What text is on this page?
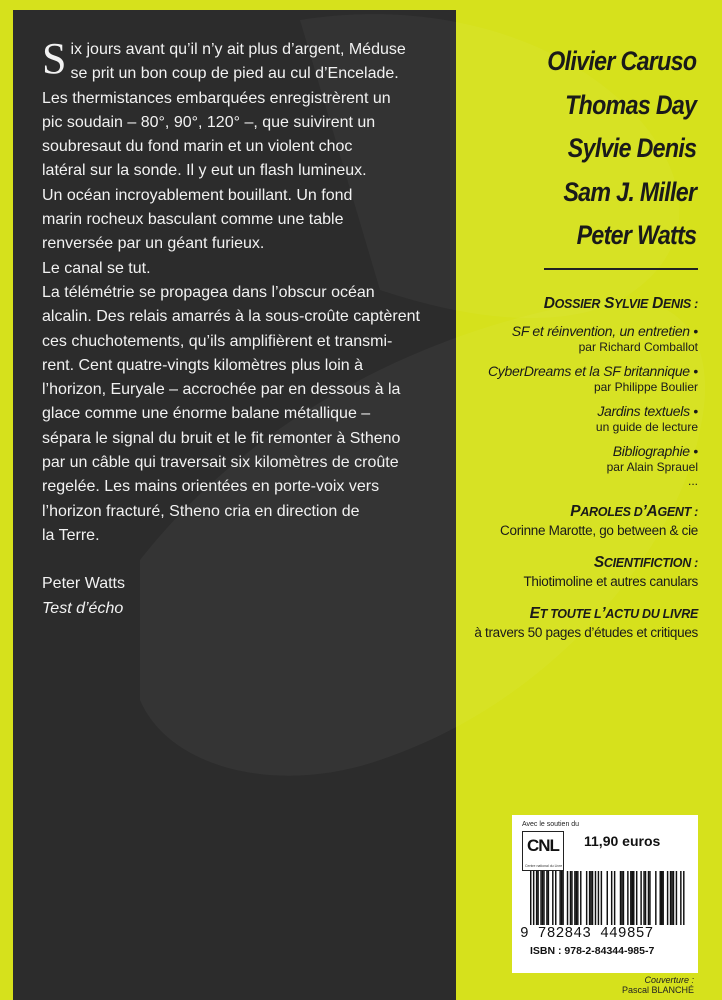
S ix jours avant qu’il n’y ait plus d’argent, Méduse

se prit un bon coup de pied au cul d’Encelade.

Les thermistances embarquées enregistrèrent un

pic soudain – 80°, 90°, 120° –, que suivirent un

soubresaut du fond marin et un violent choc

latéral sur la sonde. Il y eut un flash lumineux.

Un océan incroyablement bouillant. Un fond

marin rocheux basculant comme une table

renversée par un géant furieux.

Le canal se tut.

La télémétrie se propagea dans l’obscur océan

alcalin. Des relais amarrés à la sous-croûte captèrent

ces chuchotements, qu’ils amplifièrent et transmi-

rent. Cent quatre-vingts kilomètres plus loin à

l’horizon, Euryale – accrochée par en dessous à la

glace comme une énorme balane métallique –

sépara le signal du bruit et le fit remonter à Stheno

par un câble qui traversait six kilomètres de croûte

regelée. Les mains orientées en porte-voix vers

l’horizon fracturé, Stheno cria en direction de

la Terre.

Peter Watts

Test d’écho

Olivier Caruso
Thomas Day
Sylvie Denis
Sam J. Miller
Peter Watts
DOSSIER SYLVIE DENIS :
SF et réinvention, un entretien •
par Richard Comballot
CyberDreams et la SF britannique •
par Philippe Boulier
Jardins textuels •
un guide de lecture
Bibliographie •
par Alain Sprauel
...
PAROLES D’AGENT :
Corinne Marotte, go between & cie
SCIENTIFICTION :
Thiotimoline et autres canulars
ET TOUTE L’ACTU DU LIVRE
à travers 50 pages d’études et critiques
Avec le soutien du
CNL
Centre national du Livre
11,90 euros
9 782843 449857
ISBN : 978-2-84344-985-7
Couverture :
Pascal BLANCHÉ
